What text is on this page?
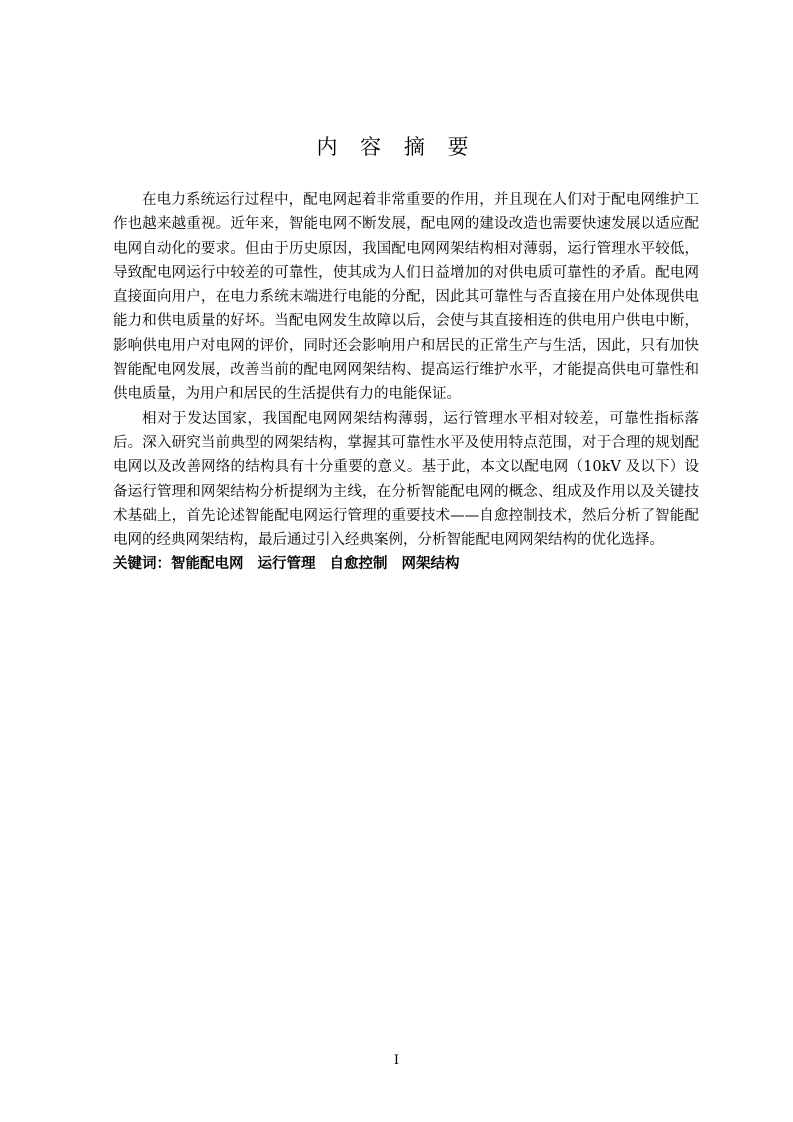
内 容 摘 要

在电力系统运行过程中，配电网起着非常重要的作用，并且现在人们对于配电网维护工作也越来越重视。近年来，智能电网不断发展，配电网的建设改造也需要快速发展以适应配电网自动化的要求。但由于历史原因，我国配电网网架结构相对薄弱，运行管理水平较低，导致配电网运行中较差的可靠性，使其成为人们日益增加的对供电质可靠性的矛盾。配电网直接面向用户，在电力系统末端进行电能的分配，因此其可靠性与否直接在用户处体现供电能力和供电质量的好坏。当配电网发生故障以后，会使与其直接相连的供电用户供电中断，影响供电用户对电网的评价，同时还会影响用户和居民的正常生产与生活，因此，只有加快智能配电网发展，改善当前的配电网网架结构、提高运行维护水平，才能提高供电可靠性和供电质量，为用户和居民的生活提供有力的电能保证。

相对于发达国家，我国配电网网架结构薄弱，运行管理水平相对较差，可靠性指标落后。深入研究当前典型的网架结构，掌握其可靠性水平及使用特点范围，对于合理的规划配电网以及改善网络的结构具有十分重要的意义。基于此，本文以配电网（10kV 及以下）设备运行管理和网架结构分析提纲为主线，在分析智能配电网的概念、组成及作用以及关键技术基础上，首先论述智能配电网运行管理的重要技术——自愈控制技术，然后分析了智能配电网的经典网架结构，最后通过引入经典案例，分析智能配电网网架结构的优化选择。

关键词：智能配电网 运行管理 自愈控制 网架结构

I
